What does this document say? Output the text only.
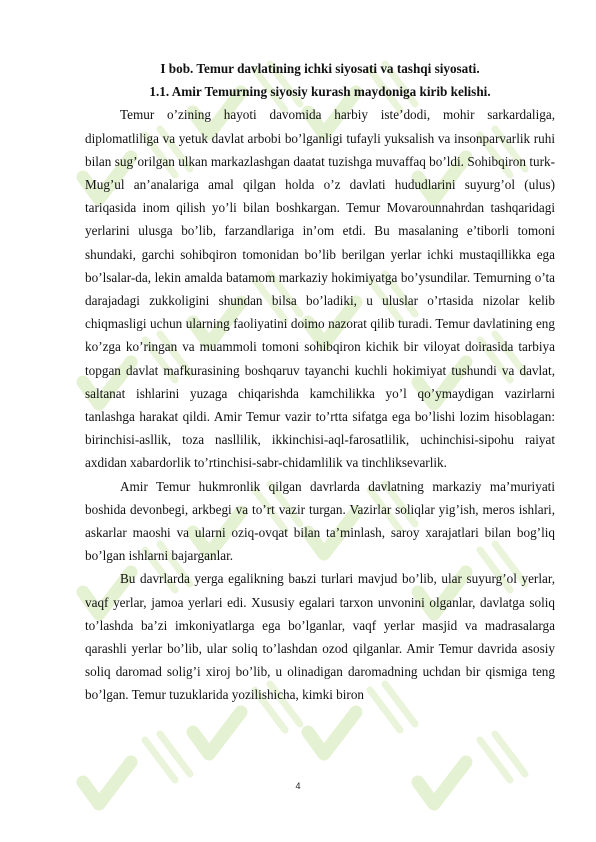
I bob. Temur davlatining ichki siyosati va tashqi siyosati.

1.1. Amir Temurning siyosiy kurash maydoniga kirib kelishi.

Temur o’zining hayoti davomida harbiy iste’dodi, mohir sarkardaliga, diplomatliliga va yetuk davlat arbobi bo’lganligi tufayli yuksalish va insonparvarlik ruhi bilan sug’orilgan ulkan markazlashgan daatat tuzishga muvaffaq bo’ldi. Sohibqiron turk-Mug’ul an’analariga amal qilgan holda o’z davlati hududlarini suyurg’ol (ulus) tariqasida inom qilish yo’li bilan boshkargan. Temur Movarounnahrdan tashqaridagi yerlarini ulusga bo’lib, farzandlariga in’om etdi. Bu masalaning e’tiborli tomoni shundaki, garchi sohibqiron tomonidan bo’lib berilgan yerlar ichki mustaqillikka ega bo’lsalar-da, lekin amalda batamom markaziy hokimiyatga bo’ysundilar. Temurning o’ta darajadagi zukkoligini shundan bilsa bo’ladiki, u uluslar o’rtasida nizolar kelib chiqmasligi uchun ularning faoliyatini doimo nazorat qilib turadi. Temur davlatining eng ko’zga ko’ringan va muammoli tomoni sohibqiron kichik bir viloyat doirasida tarbiya topgan davlat mafkurasining boshqaruv tayanchi kuchli hokimiyat tushundi va davlat, saltanat ishlarini yuzaga chiqarishda kamchilikka yo’l qo’ymaydigan vazirlarni tanlashga harakat qildi. Amir Temur vazir to’rtta sifatga ega bo’lishi lozim hisoblagan: birinchisi-asllik, toza nasllilik, ikkinchisi-aql-farosatlilik, uchinchisi-sipohu raiyat axdidan xabardorlik to’rtinchisi-sabr-chidamlilik va tinchliksevarlik.

Amir Temur hukmronlik qilgan davrlarda davlatning markaziy ma’muriyati boshida devonbegi, arkbegi va to’rt vazir turgan. Vazirlar soliqlar yig’ish, meros ishlari, askarlar maoshi va ularni oziq-ovqat bilan ta’minlash, saroy xarajatlari bilan bog’liq bo’lgan ishlarni bajarganlar.

Bu davrlarda yerga egalikning baьzi turlari mavjud bo’lib, ular suyurg’ol yerlar, vaqf yerlar, jamoa yerlari edi. Xususiy egalari tarxon unvonini olganlar, davlatga soliq to’lashda ba’zi imkoniyatlarga ega bo’lganlar, vaqf yerlar masjid va madrasalarga qarashli yerlar bo’lib, ular soliq to’lashdan ozod qilganlar. Amir Temur davrida asosiy soliq daromad solig’i xiroj bo’lib, u olinadigan daromadning uchdan bir qismiga teng bo’lgan. Temur tuzuklarida yozilishicha, kimki biron

4
